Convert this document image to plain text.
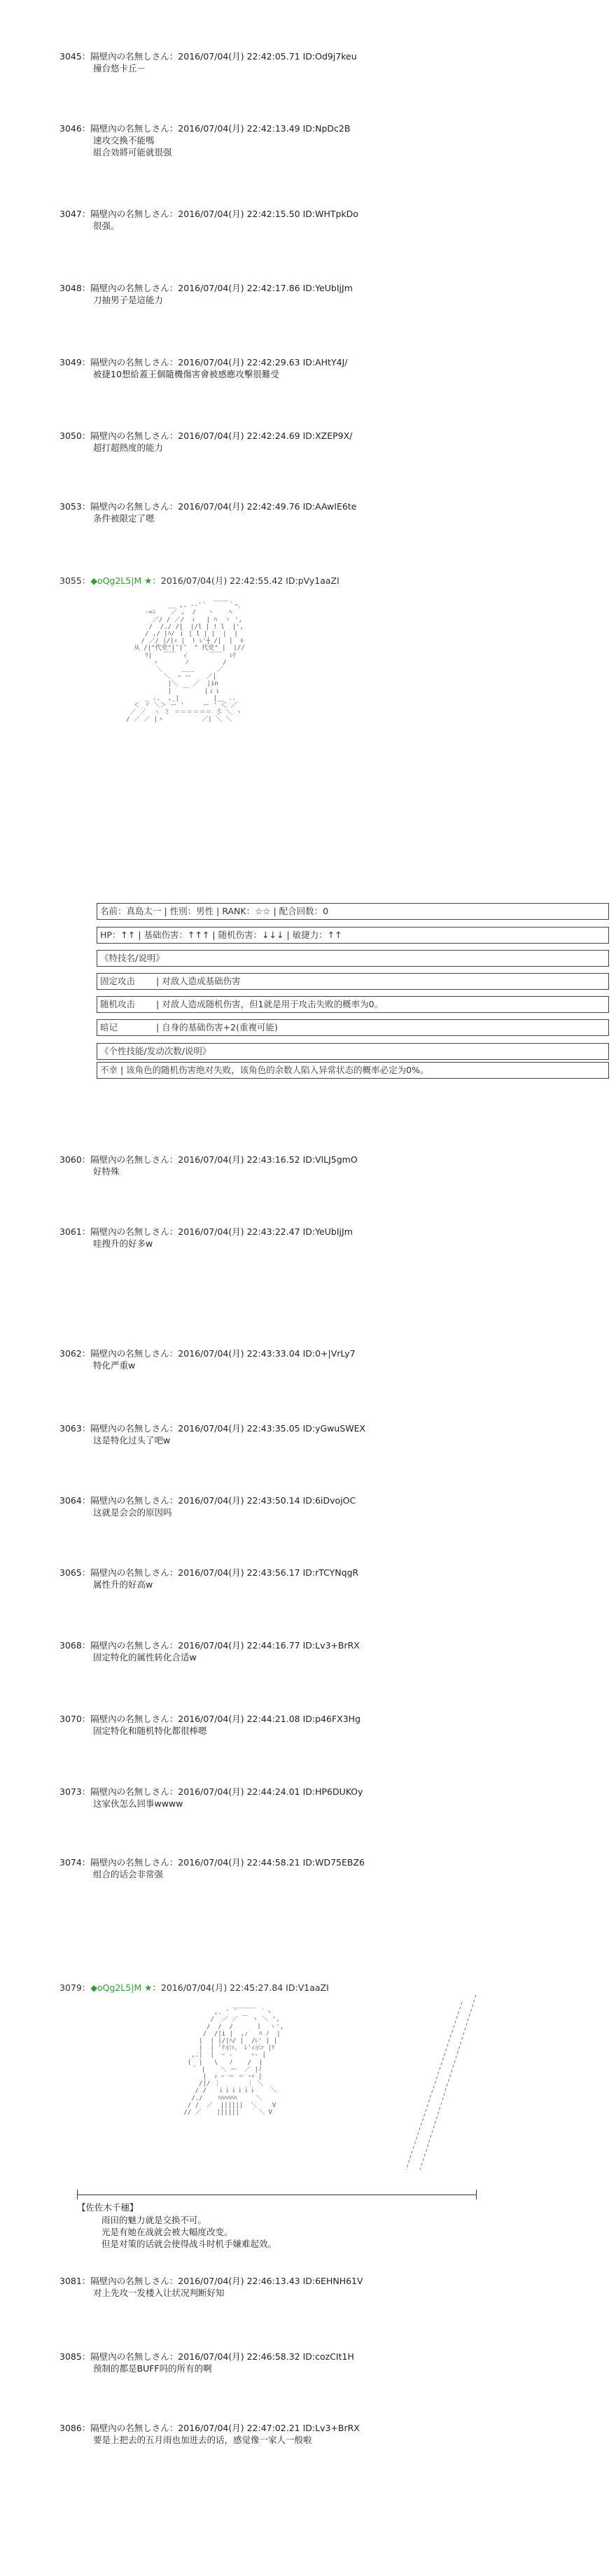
3045：隔壁內の名無しさん：2016/07/04(月) 22:42:05.71 ID:Od9j7keu
撞台悠卡丘－
3046：隔壁內の名無しさん：2016/07/04(月) 22:42:13.49 ID:NpDc2B
速攻交換不能嗎
組合効將可能就很强
3047：隔壁內の名無しさん：2016/07/04(月) 22:42:15.50 ID:WHTpkDo
很强。
3048：隔壁內の名無しさん：2016/07/04(月) 22:42:17.86 ID:YeUbIjJm
刀抽男子是這能力
3049：隔壁內の名無しさん：2016/07/04(月) 22:42:29.63 ID:AHtY4J/
被捷10想給蓋王個隨機傷害會被感應攻擊很難受
3050：隔壁內の名無しさん：2016/07/04(月) 22:42:24.69 ID:XZEP9X/
超打超熱度的能力
3053：隔壁內の名無しさん：2016/07/04(月) 22:42:49.76 ID:AAwIE6te
条件被限定了嗯
3060：隔壁內の名無しさん：2016/07/04(月) 22:43:16.52 ID:VlLJ5gmO
好特殊
3061：隔壁內の名無しさん：2016/07/04(月) 22:43:22.47 ID:YeUbIjJm
哇搜升的好多w
3062：隔壁內の名無しさん：2016/07/04(月) 22:43:33.04 ID:0+|VrLy7
特化严重w
3063：隔壁內の名無しさん：2016/07/04(月) 22:43:35.05 ID:yGwuSWEX
这是特化过头了吧w
3064：隔壁內の名無しさん：2016/07/04(月) 22:43:50.14 ID:6iDvojOC
这就是会会的原因吗
3065：隔壁內の名無しさん：2016/07/04(月) 22:43:56.17 ID:rTCYNqgR
属性升的好高w
3068：隔壁內の名無しさん：2016/07/04(月) 22:44:16.77 ID:Lv3+BrRX
固定特化的属性转化合适w
3070：隔壁內の名無しさん：2016/07/04(月) 22:44:21.08 ID:p46FX3Hg
固定特化和随机特化都很棒嗯
3073：隔壁內の名無しさん：2016/07/04(月) 22:44:24.01 ID:HP6DUKOy
这家伙怎么回事wwww
3074：隔壁內の名無しさん：2016/07/04(月) 22:44:58.21 ID:WD75EBZ6
组合的话会非常强
3081：隔壁內の名無しさん：2016/07/04(月) 22:46:13.43 ID:6EHNH61V
对上先攻一发楼入让状况判断好知
3085：隔壁內の名無しさん：2016/07/04(月) 22:46:58.32 ID:cozCIt1H
预制的都是BUFF吗的所有的啊
3086：隔壁內の名無しさん：2016/07/04(月) 22:47:02.21 ID:Lv3+BrRX
要是上把去的五月雨也加进去的话，感觉像一家人一般啦
3055：◆oQg2L5|M ★：2016/07/04(月) 22:42:55.42 ID:pVy1aaZI
____
__ ,. -‐'´      ｀ｰ､
-=ﾆ    ／ ,  /   ヽ    ﾍ
／/ / ／/  ｨ   | ﾊ  ヽ ',
/  /./ /|  |/l | ! l  |',
/ ,/ |ﾊ/ ｉ | l | |  |  |
/ ／/ |/|ｨ |  ﾄ ﾚ'┼ /|  |  ﾙ
从 /|"代党"|″|″  " 代党" |  |//
ﾘ|   ￣￣  ｨ      ￣￣  ﾚﾘ
ヽ       ﾉ         /
＼     ＿＿      ／
＼  ｰ ー    ／|
|＼    ／  |in
|   ￣    |ｉｉ
_ ..  ,_|         |__ ..
＜ ヾ ＼＞ ー '     ー ' ＜ ／
／ ／  ヽ ミ ＝＝＝＝＝＝ 彡 ＼ ヽ
/ ／ ／ |ヽ          ／| ＼ ＼
名前：真島太一 | 性別：男性 | RANK：☆☆ | 配合回数：0
HP：↑↑ | 基础伤害：↑↑↑ | 随机伤害：↓↓↓ | 敏捷力：↑↑
《特技名/说明》
固定攻击 | 对敌人造成基础伤害
随机攻击 | 对敌人造成随机伤害，但1就是用于攻击失败的概率为0。
暗记	| 自身的基础伤害+2(重複可能)
《个性技能/发动次数/说明》
不幸 | 该角色的随机伤害绝对失败，该角色的余数人陷入异常状态的概率必定为0%。
3079：◆oQg2L5|M ★：2016/07/04(月) 22:45:27.84 ID:V1aaZI
______
,. ' ´      ｀ヽ
/  ／ ／ ￣ ヽ ＼ ',
/  /  /      ｌ  ヽ',
/  /|i |  ,ｨ   ﾊ ﾉ  |
|  | |/|ﾊ/ |  /ﾚ' | |
|  | 'ﾃ示ｧ、 ﾚ'ｨ示ｧ |ﾘ
,.|  |  ｰ ‐     ｰ‐ |
(  |   \   ﾉ    /  |
｀ |    ＼ ー  ／ |ﾉ
|  ｨ ｰ ＝ ＝ ｰｧ |
/|/ ｜       ｜ ＼
/ /   ｉｉｉｉｉｉ    ＼
/./    ﾊﾊﾊﾊﾊﾊ     ＼
/ /  ／  ||||||  ＼    V
// ／    ||||||     ＼ V
【佐佐木千穗】
雨田的魅力就是交换不可。
光是有她在战就会被大幅度改变。
但是对策的话就会使得战斗时机手嫌难起效。
